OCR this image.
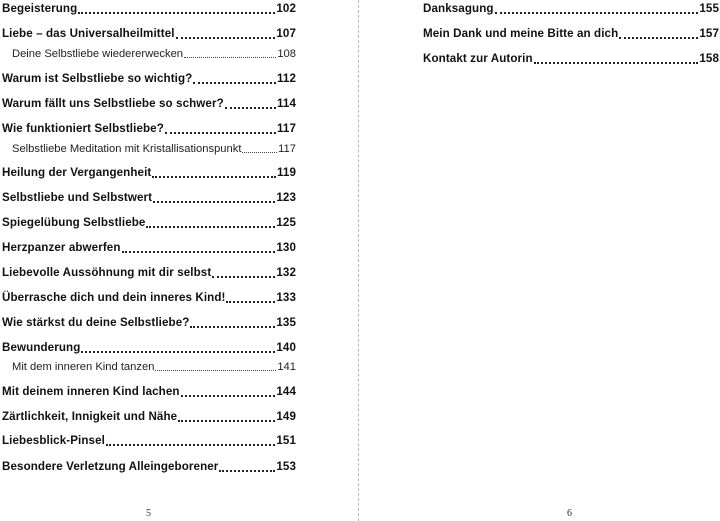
Begeisterung	102
Liebe – das Universalheilmittel	107
Deine Selbstliebe wiedererwecken	108
Warum ist Selbstliebe so wichtig?	112
Warum fällt uns Selbstliebe so schwer?	114
Wie funktioniert Selbstliebe?	117
Selbstliebe Meditation mit Kristallisationspunkt	117
Heilung der Vergangenheit	119
Selbstliebe und Selbstwert	123
Spiegelübung Selbstliebe	125
Herzpanzer abwerfen	130
Liebevolle Aussöhnung mit dir selbst	132
Überrasche dich und dein inneres Kind!	133
Wie stärkst du deine Selbstliebe?	135
Bewunderung	140
Mit dem inneren Kind tanzen	141
Mit deinem inneren Kind lachen	144
Zärtlichkeit, Innigkeit und Nähe	149
Liebesblick-Pinsel	151
Besondere Verletzung Alleingeborener	153
Danksagung	155
Mein Dank und meine Bitte an dich	157
Kontakt zur Autorin	158
5	6
